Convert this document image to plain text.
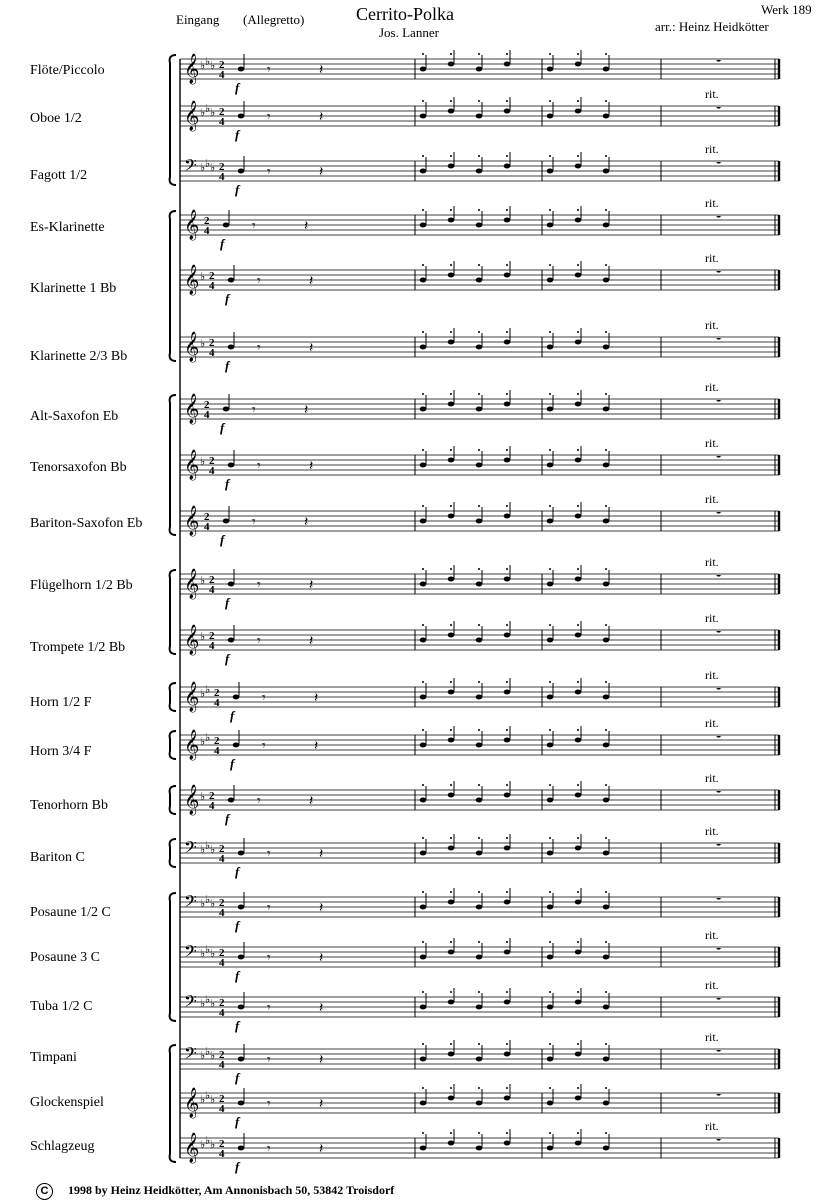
Eingang (Allegretto)	Cerrito-Polka
Jos. Lanner
Werk 189
arr.: Heinz Heidkötter
Flöte/Piccolo
Oboe 1/2
Fagott 1/2
Es-Klarinette
Klarinette 1 Bb
Klarinette 2/3 Bb
Alt-Saxofon Eb
Tenorsaxofon Bb
Bariton-Saxofon Eb
Flügelhorn 1/2 Bb
Trompete 1/2 Bb
Horn 1/2 F
Horn 3/4 F
Tenorhorn Bb
Bariton C
Posaune 1/2 C
Posaune 3 C
Tuba 1/2 C
Timpani
Glockenspiel
Schlagzeug
𝄞 ♭ ♭ ♭ 2
4	𝄾	𝄽	𝄻
f
𝄞 ♭ ♭ ♭ 2
4	𝄾	𝄽	𝄻
f
rit.
𝄢 ♭ ♭ ♭ 2
4	𝄾	𝄽	𝄻
f
rit.
𝄞 2
4	𝄾	𝄽	𝄻
f
rit.
𝄞 ♭ 2
4	𝄾	𝄽	𝄻
f
rit.
𝄞 ♭ 2
4	𝄾	𝄽	𝄻
f
rit.
𝄞 2
4	𝄾	𝄽	𝄻
f
rit.
𝄞 ♭ 2
4	𝄾	𝄽	𝄻
f
rit.
𝄞 2
4	𝄾	𝄽	𝄻
f
rit.
𝄞 ♭ 2
4	𝄾	𝄽	𝄻
f
rit.
𝄞 ♭ 2
4	𝄾	𝄽	𝄻
f
rit.
𝄞 ♭ ♭ 2
4	𝄾	𝄽	𝄻
f
rit.
𝄞 ♭ ♭ 2
4	𝄾	𝄽	𝄻
f
rit.
𝄞 ♭ 2
4	𝄾	𝄽	𝄻
f
rit.
𝄢 ♭ ♭ ♭ 2
4	𝄾	𝄽	𝄻
f
rit.
𝄢 ♭ ♭ ♭ 2
4	𝄾	𝄽	𝄻
f
𝄢 ♭ ♭ ♭ 2
4	𝄾	𝄽	𝄻
f
rit.
𝄢 ♭ ♭ ♭ 2
4	𝄾	𝄽	𝄻
f
rit.
𝄢 ♭ ♭ ♭ 2
4	𝄾	𝄽	𝄻
f
rit.
𝄞 ♭ ♭ ♭ 2
4	𝄾	𝄽	𝄻
f
𝄞 ♭ ♭ ♭ 2
4	𝄾	𝄽	𝄻
f
rit.
C 1998 by Heinz Heidkötter, Am Annonisbach 50, 53842 Troisdorf
